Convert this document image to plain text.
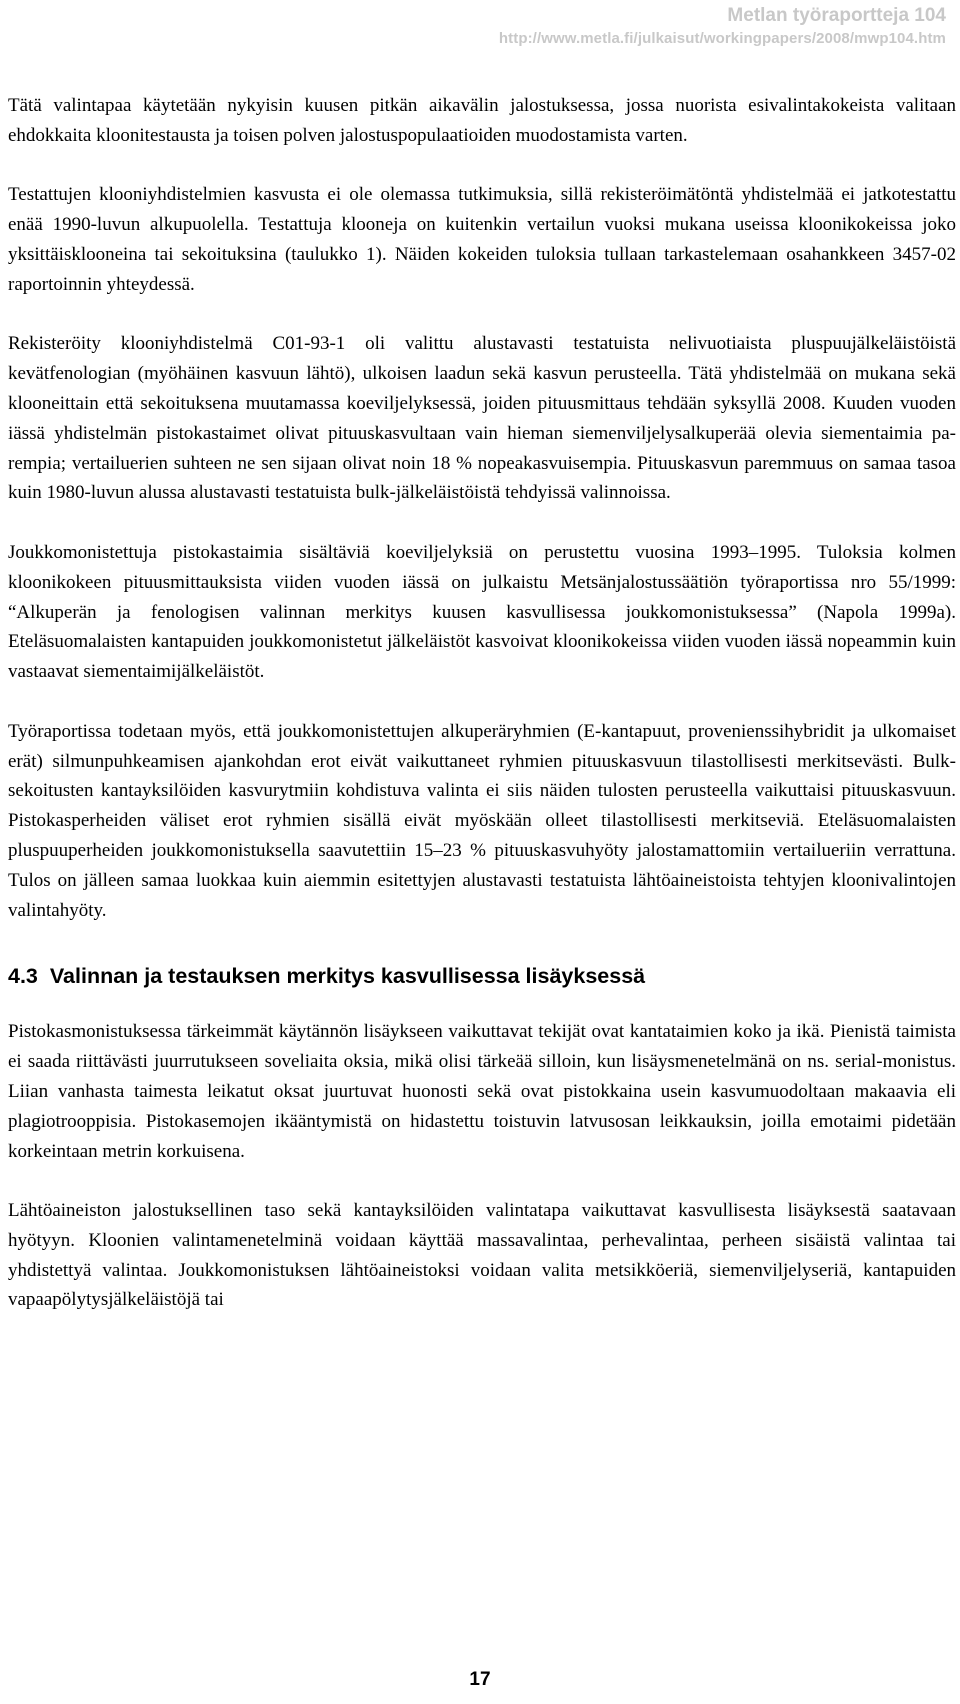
Metlan työraportteja 104
http://www.metla.fi/julkaisut/workingpapers/2008/mwp104.htm

Tätä valintapaa käytetään nykyisin kuusen pitkän aikavälin jalostuksessa, jossa nuorista esivalintakokeista valitaan ehdokkaita kloonitestausta ja toisen polven jalostuspopulaatioiden muodostamista varten.

Testattujen klooniyhdistelmien kasvusta ei ole olemassa tutkimuksia, sillä rekisteröimätöntä yhdistelmää ei jatkotestattu enää 1990-luvun alkupuolella. Testattuja klooneja on kuitenkin vertailun vuoksi mukana useissa kloonikokeissa joko yksittäisklooneina tai sekoituksina (taulukko 1). Näiden kokeiden tuloksia tullaan tarkastelemaan osahankkeen 3457-02 raportoinnin yhteydessä.

Rekisteröity klooniyhdistelmä C01-93-1 oli valittu alustavasti testatuista nelivuotiaista pluspuujälkeläistöistä kevätfenologian (myöhäinen kasvuun lähtö), ulkoisen laadun sekä kasvun perusteella. Tätä yhdistelmää on mukana sekä klooneittain että sekoituksena muutamassa koeviljelyksessä, joiden pituusmittaus tehdään syksyllä 2008. Kuuden vuoden iässä yhdistelmän pistokastaimet olivat pituuskasvultaan vain hieman siemenviljelysalkuperää olevia siementaimia parempia; vertailuerien suhteen ne sen sijaan olivat noin 18 % nopeakasvuisempia. Pituuskasvun paremmuus on samaa tasoa kuin 1980-luvun alussa alustavasti testatuista bulk-jälkeläistöistä tehdyissä valinnoissa.

Joukkomonistettuja pistokastaimia sisältäviä koeviljelyksiä on perustettu vuosina 1993–1995. Tuloksia kolmen kloonikokeen pituusmittauksista viiden vuoden iässä on julkaistu Metsänjalostussäätiön työraportissa nro 55/1999: “Alkuperän ja fenologisen valinnan merkitys kuusen kasvullisessa joukkomonistuksessa” (Napola 1999a). Eteläsuomalaisten kantapuiden joukkomonistetut jälkeläistöt kasvoivat kloonikokeissa viiden vuoden iässä nopeammin kuin vastaavat siementaimijälkeläistöt.

Työraportissa todetaan myös, että joukkomonistettujen alkuperäryhmien (E-kantapuut, provenienssihybridit ja ulkomaiset erät) silmunpuhkeamisen ajankohdan erot eivät vaikuttaneet ryhmien pituuskasvuun tilastollisesti merkitsevästi. Bulk-sekoitusten kantayksilöiden kasvurytmiin kohdistuva valinta ei siis näiden tulosten perusteella vaikuttaisi pituuskasvuun. Pistokasperheiden väliset erot ryhmien sisällä eivät myöskään olleet tilastollisesti merkitseviä. Eteläsuomalaisten pluspuuperheiden joukkomonistuksella saavutettiin 15–23 % pituuskasvuhyöty jalostamattomiin vertailueriin verrattuna. Tulos on jälleen samaa luokkaa kuin aiemmin esitettyjen alustavasti testatuista lähtöaineistoista tehtyjen kloonivalintojen valintahyöty.

4.3 Valinnan ja testauksen merkitys kasvullisessa lisäyksessä

Pistokasmonistuksessa tärkeimmät käytännön lisäykseen vaikuttavat tekijät ovat kantataimien koko ja ikä. Pienistä taimista ei saada riittävästi juurrutukseen soveliaita oksia, mikä olisi tärkeää silloin, kun lisäysmenetelmänä on ns. serial-monistus. Liian vanhasta taimesta leikatut oksat juurtuvat huonosti sekä ovat pistokkaina usein kasvumuodoltaan makaavia eli plagiotrooppisia. Pistokasemojen ikääntymistä on hidastettu toistuvin latvusosan leikkauksin, joilla emotaimi pidetään korkeintaan metrin korkuisena.

Lähtöaineiston jalostuksellinen taso sekä kantayksilöiden valintatapa vaikuttavat kasvullisesta lisäyksestä saatavaan hyötyyn. Kloonien valintamenetelminä voidaan käyttää massavalintaa, perhevalintaa, perheen sisäistä valintaa tai yhdistettyä valintaa. Joukkomonistuksen lähtöaineistoksi voidaan valita metsikköeriä, siemenviljelyseriä, kantapuiden vapaapölytysjälkeläistöjä tai

17
